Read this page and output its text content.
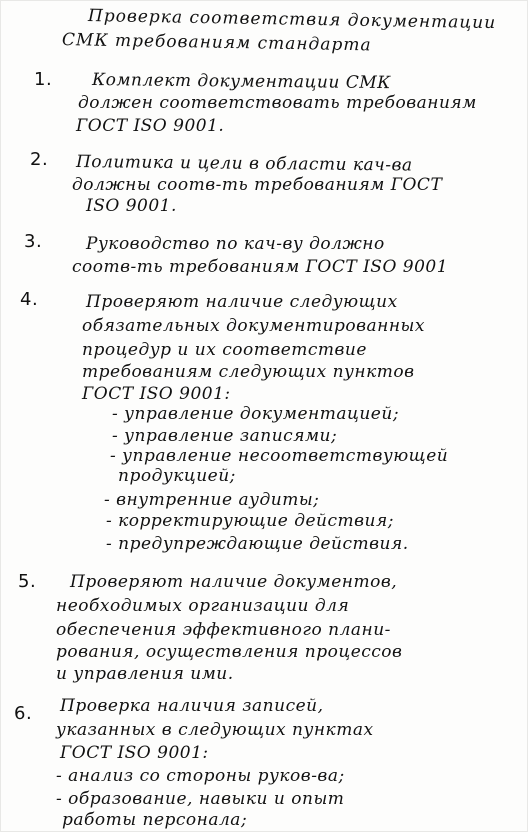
Проверка соответствия документации
СМК требованиям стандарта
1. Комплект документации СМК
должен соответствовать требованиям
ГОСТ ISO 9001.
2. Политика и цели в области кач-ва
должны соотв-ть требованиям ГОСТ
ISO 9001.
3.	Руководство по кач-ву должно
соотв-ть требованиям ГОСТ ISO 9001
4.	Проверяют наличие следующих
обязательных документированных
процедур и их соответствие
требованиям следующих пунктов
ГОСТ ISO 9001:
- управление документацией;
- управление записями;
- управление несоответствующей
продукцией;
- внутренние аудиты;
- корректирующие действия;
- предупреждающие действия.
5. Проверяют наличие документов,
необходимых организации для
обеспечения эффективного плани-
рования, осуществления процессов
и управления ими.
6. Проверка наличия записей,
указанных в следующих пунктах
ГОСТ ISO 9001:
- анализ со стороны руков-ва;
- образование, навыки и опыт
работы персонала;
